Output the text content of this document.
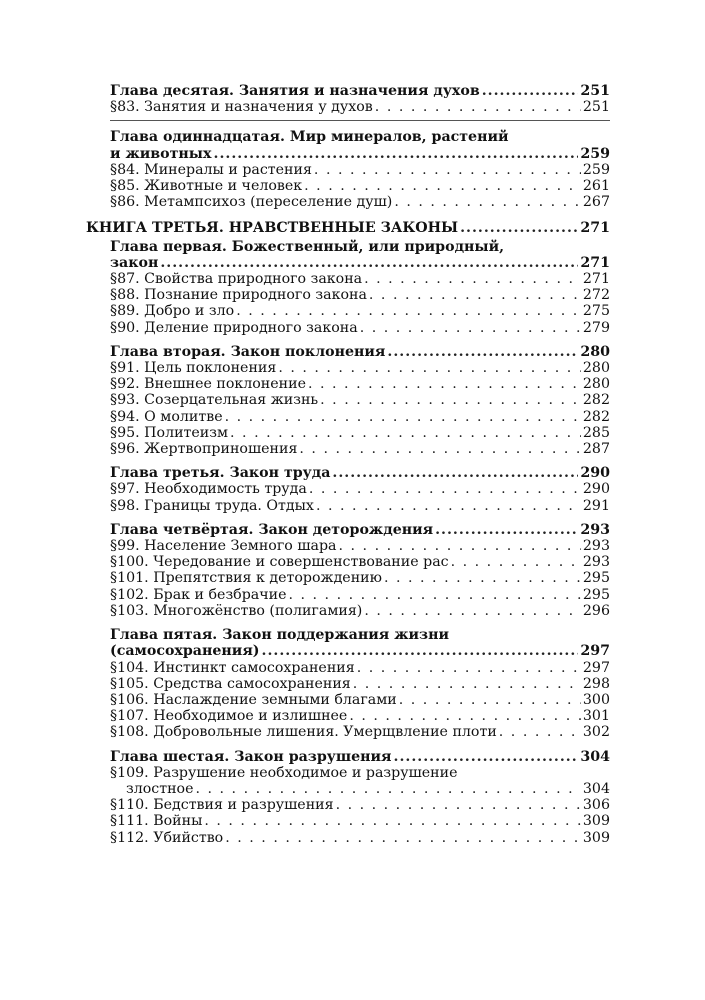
Глава десятая. Занятия и назначения духов .....	251
§83. Занятия и назначения у духов . . .	251
Глава одиннадцатая. Мир минералов, растений
и животных .....	259
§84. Минералы и растения . . .	259
§85. Животные и человек . . .	261
§86. Метампсихоз (переселение душ) . . .	267
КНИГА ТРЕТЬЯ. НРАВСТВЕННЫЕ ЗАКОНЫ .....	271
Глава первая. Божественный, или природный,
закон .....	271
§87. Свойства природного закона . . .	271
§88. Познание природного закона . . .	272
§89. Добро и зло . . .	275
§90. Деление природного закона . . .	279
Глава вторая. Закон поклонения .....	280
§91. Цель поклонения . . .	280
§92. Внешнее поклонение . . .	280
§93. Созерцательная жизнь . . .	282
§94. О молитве . . .	282
§95. Политеизм . . .	285
§96. Жертвоприношения . . .	287
Глава третья. Закон труда .....	290
§97. Необходимость труда . . .	290
§98. Границы труда. Отдых . . .	291
Глава четвёртая. Закон деторождения .....	293
§99. Население Земного шара . . .	293
§100. Чередование и совершенствование рас . . .	293
§101. Препятствия к деторождению . . .	295
§102. Брак и безбрачие . . .	295
§103. Многожёнство (полигамия) . . .	296
Глава пятая. Закон поддержания жизни
(самосохранения) .....	297
§104. Инстинкт самосохранения . . .	297
§105. Средства самосохранения . . .	298
§106. Наслаждение земными благами . . .	300
§107. Необходимое и излишнее . . .	301
§108. Добровольные лишения. Умерщвление плоти . . .	302
Глава шестая. Закон разрушения .....	304
§109. Разрушение необходимое и разрушение
злостное . . .	304
§110. Бедствия и разрушения . . .	306
§111. Войны . . .	309
§112. Убийство . . .	309
